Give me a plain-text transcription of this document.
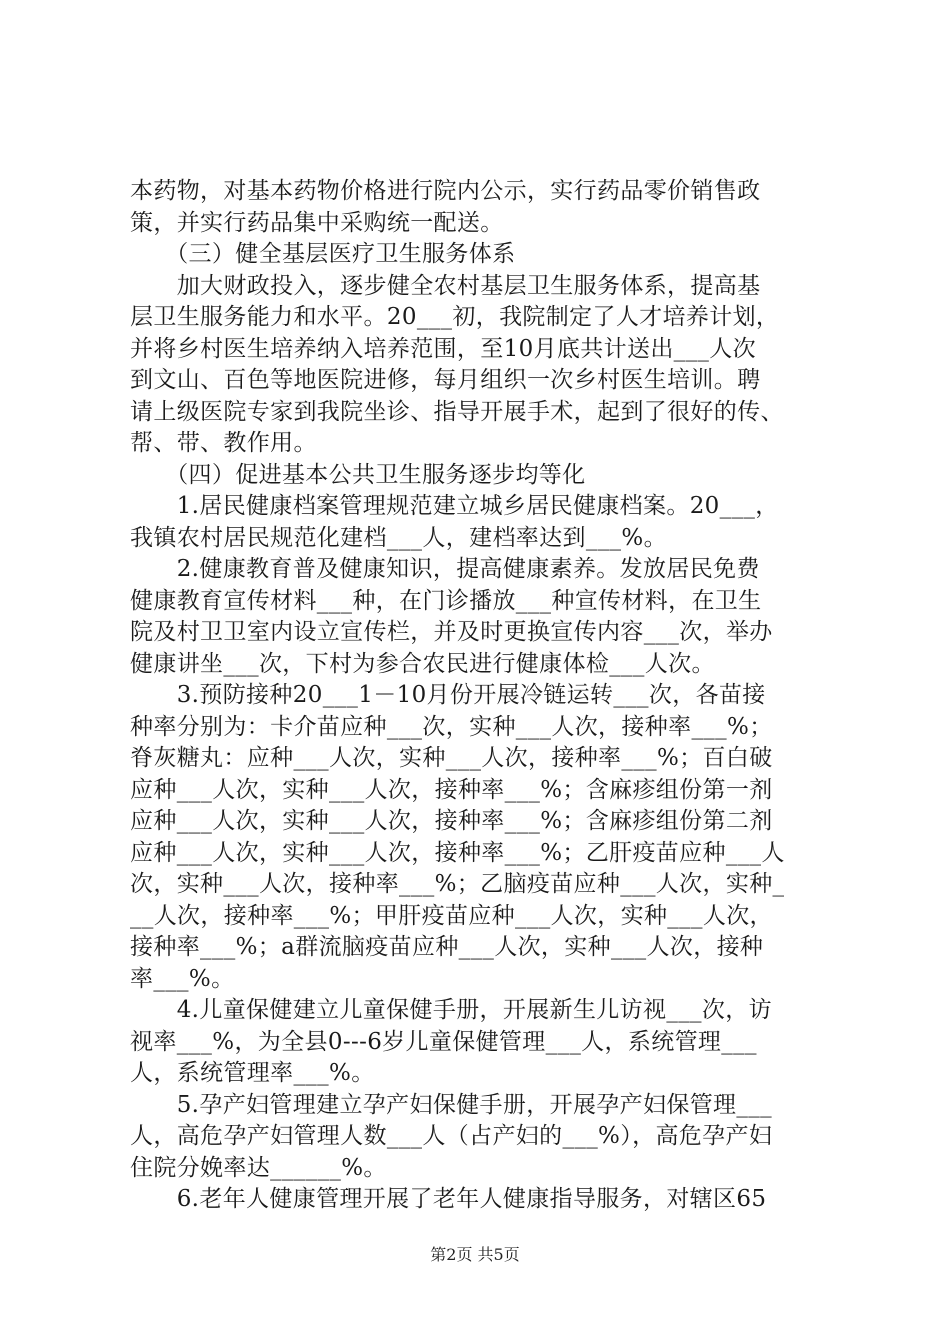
本药物，对基本药物价格进行院内公示，实行药品零价销售政
策，并实行药品集中采购统一配送。
　　（三）健全基层医疗卫生服务体系
　　加大财政投入，逐步健全农村基层卫生服务体系，提高基
层卫生服务能力和水平。20___初，我院制定了人才培养计划，
并将乡村医生培养纳入培养范围，至10月底共计送出___人次
到文山、百色等地医院进修，每月组织一次乡村医生培训。聘
请上级医院专家到我院坐诊、指导开展手术，起到了很好的传、
帮、带、教作用。
　　（四）促进基本公共卫生服务逐步均等化
　　1.居民健康档案管理规范建立城乡居民健康档案。20___，
我镇农村居民规范化建档___人，建档率达到___%。
　　2.健康教育普及健康知识，提高健康素养。发放居民免费
健康教育宣传材料___种，在门诊播放___种宣传材料，在卫生
院及村卫卫室内设立宣传栏，并及时更换宣传内容___次，举办
健康讲坐___次，下村为参合农民进行健康体检___人次。
　　3.预防接种20___1－10月份开展冷链运转___次，各苗接
种率分别为：卡介苗应种___次，实种___人次，接种率___%；
脊灰糖丸：应种___人次，实种___人次，接种率___%；百白破
应种___人次，实种___人次，接种率___%；含麻疹组份第一剂
应种___人次，实种___人次，接种率___%；含麻疹组份第二剂
应种___人次，实种___人次，接种率___%；乙肝疫苗应种___人
次，实种___人次，接种率___%；乙脑疫苗应种___人次，实种_
__人次，接种率___%；甲肝疫苗应种___人次，实种___人次，
接种率___%；a群流脑疫苗应种___人次，实种___人次，接种
率___%。
　　4.儿童保健建立儿童保健手册，开展新生儿访视___次，访
视率___%，为全县0---6岁儿童保健管理___人，系统管理___
人，系统管理率___%。
　　5.孕产妇管理建立孕产妇保健手册，开展孕产妇保管理___
人，高危孕产妇管理人数___人（占产妇的___%），高危孕产妇
住院分娩率达______%。
　　6.老年人健康管理开展了老年人健康指导服务，对辖区65
第2页 共5页
